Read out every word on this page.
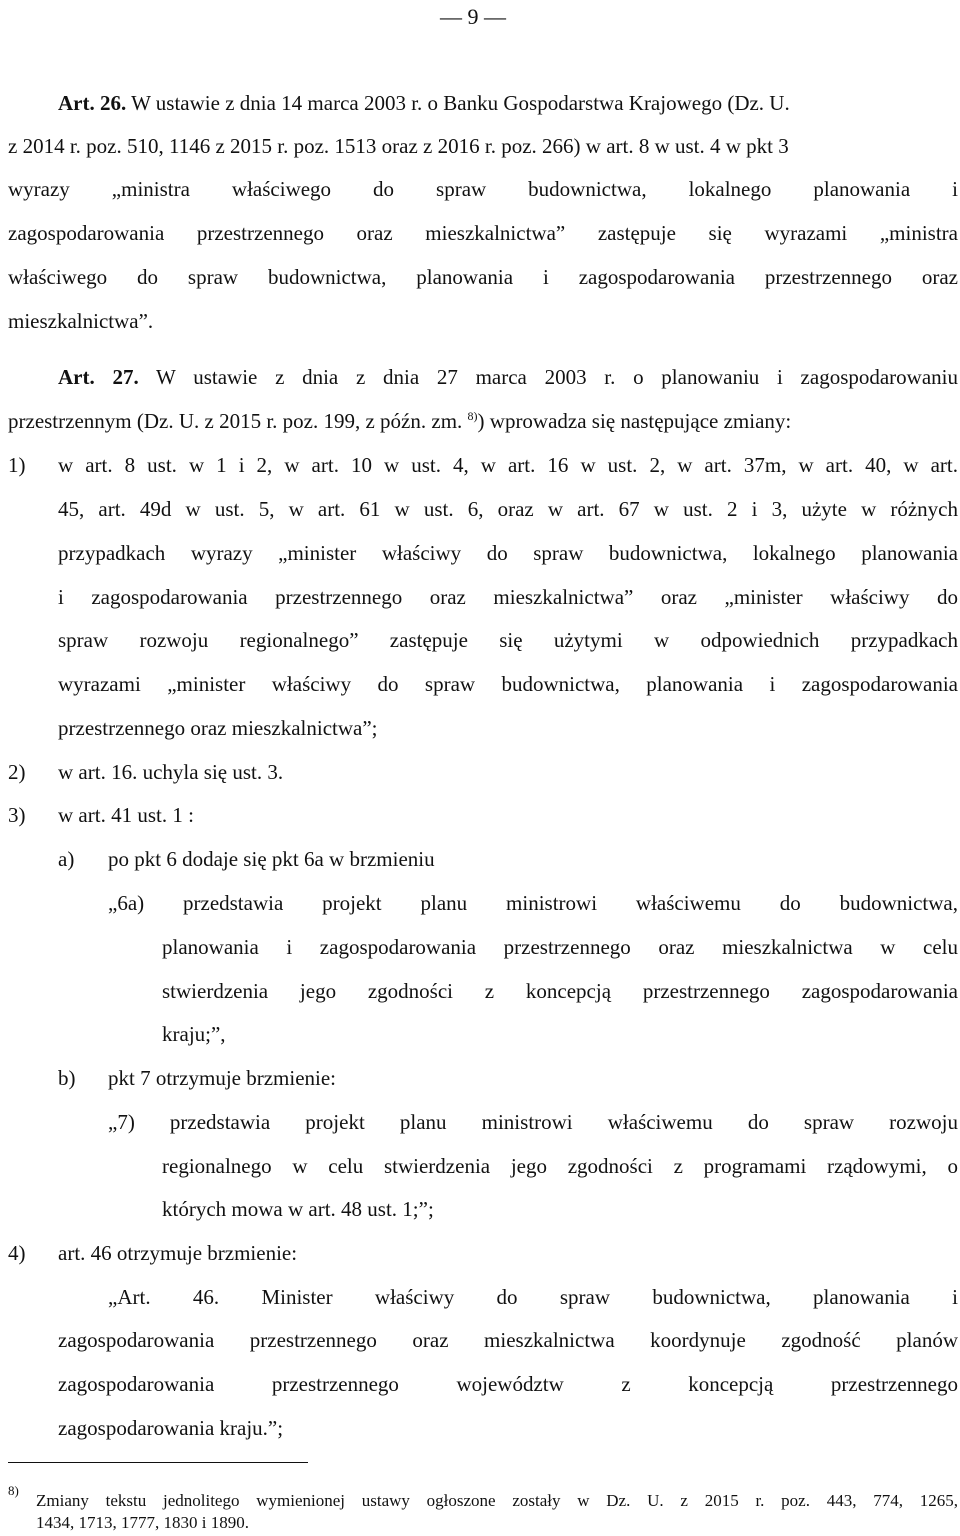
— 9 —
Art. 26. W ustawie z dnia 14 marca 2003 r. o Banku Gospodarstwa Krajowego (Dz. U.
z 2014 r. poz. 510, 1146 z 2015 r. poz. 1513 oraz z 2016 r. poz. 266) w art. 8 w ust. 4 w pkt 3
wyrazy „ministra właściwego do spraw budownictwa, lokalnego planowania i
zagospodarowania przestrzennego oraz mieszkalnictwa” zastępuje się wyrazami „ministra
właściwego do spraw budownictwa, planowania i zagospodarowania przestrzennego oraz
mieszkalnictwa”.
Art. 27. W ustawie z dnia z dnia 27 marca 2003 r. o planowaniu i zagospodarowaniu
przestrzennym (Dz. U. z 2015 r. poz. 199, z późn. zm. $^{8)}$) wprowadza się następujące zmiany:
1) w art. 8 ust. w 1 i 2, w art. 10 w ust. 4, w art. 16 w ust. 2, w art. 37m, w art. 40, w art.
45, art. 49d w ust. 5, w art. 61 w ust. 6, oraz w art. 67 w ust. 2 i 3, użyte w różnych
przypadkach wyrazy „minister właściwy do spraw budownictwa, lokalnego planowania
i zagospodarowania przestrzennego oraz mieszkalnictwa” oraz „minister właściwy do
spraw rozwoju regionalnego” zastępuje się użytymi w odpowiednich przypadkach
wyrazami „minister właściwy do spraw budownictwa, planowania i zagospodarowania
przestrzennego oraz mieszkalnictwa”;
2) w art. 16. uchyla się ust. 3.
3) w art. 41 ust. 1 :
a) po pkt 6 dodaje się pkt 6a w brzmieniu
„6a) przedstawia projekt planu ministrowi właściwemu do budownictwa,
planowania i zagospodarowania przestrzennego oraz mieszkalnictwa w celu
stwierdzenia jego zgodności z koncepcją przestrzennego zagospodarowania
kraju;”,
b) pkt 7 otrzymuje brzmienie:
„7) przedstawia projekt planu ministrowi właściwemu do spraw rozwoju
regionalnego w celu stwierdzenia jego zgodności z programami rządowymi, o
których mowa w art. 48 ust. 1;”;
4) art. 46 otrzymuje brzmienie:
„Art. 46. Minister właściwy do spraw budownictwa, planowania i
zagospodarowania przestrzennego oraz mieszkalnictwa koordynuje zgodność planów
zagospodarowania przestrzennego województw z koncepcją przestrzennego
zagospodarowania kraju.”;
8)
Zmiany tekstu jednolitego wymienionej ustawy ogłoszone zostały w Dz. U. z 2015 r. poz. 443, 774, 1265,
1434, 1713, 1777, 1830 i 1890.
